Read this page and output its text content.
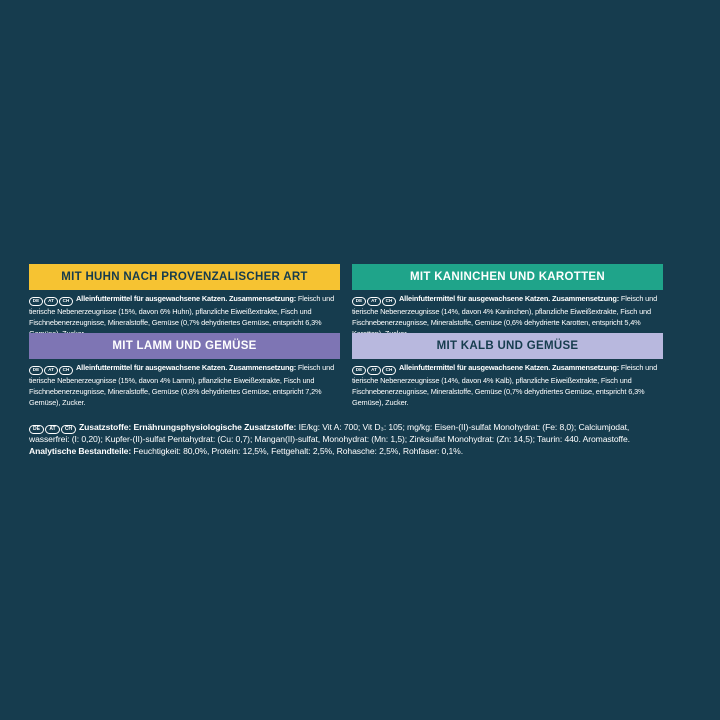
MIT HUHN NACH PROVENZALISCHER ART
DE	AT	CH Alleinfuttermittel für ausgewachsene Katzen. Zusammensetzung: Fleisch und tierische Nebenerzeugnisse (15%, davon 6% Huhn), pflanzliche Eiweißextrakte, Fisch und Fischnebenerzeugnisse, Mineralstoffe, Gemüse (0,7% dehydriertes Gemüse, entspricht 6,3%
MIT KANINCHEN UND KAROTTEN
DE	AT	CH Alleinfuttermittel für ausgewachsene Katzen. Zusammensetzung: Fleisch und tierische Nebenerzeugnisse (14%, davon 4% Kaninchen), pflanzliche Eiweißextrakte, Fisch und Fischnebenerzeugnisse, Mineralstoffe, Gemüse (0,6% dehydrierte Karotten, entspricht 5,4%
MIT LAMM UND GEMÜSE
DE	AT	CH Alleinfuttermittel für ausgewachsene Katzen. Zusammensetzung: Fleisch und tierische Nebenerzeugnisse (15%, davon 4% Lamm), pflanzliche Eiweißextrakte, Fisch und Fischnebenerzeugnisse, Mineralstoffe, Gemüse (0,8% dehydriertes Gemüse, entspricht 7,2% Gemüse), Zucker.
MIT KALB UND GEMÜSE
DE	AT	CH Alleinfuttermittel für ausgewachsene Katzen. Zusammensetzung: Fleisch und tierische Nebenerzeugnisse (14%, davon 4% Kalb), pflanzliche Eiweißextrakte, Fisch und Fischnebenerzeugnisse, Mineralstoffe, Gemüse (0,7% dehydriertes Gemüse, entspricht 6,3% Gemüse), Zucker.
DE	AT	CH Zusatzstoffe: Ernährungsphysiologische Zusatzstoffe: IE/kg: Vit A: 700; Vit D₃: 105; mg/kg: Eisen-(II)-sulfat Monohydrat: (Fe: 8,0); Calciumjodat, wasserfrei: (I: 0,20); Kupfer-(II)-sulfat Pentahydrat: (Cu: 0,7); Mangan(II)-sulfat, Monohydrat: (Mn: 1,5); Zinksulfat Monohydrat: (Zn: 14,5); Taurin: 440. Aromastoffe.
Analytische Bestandteile: Feuchtigkeit: 80,0%, Protein: 12,5%, Fettgehalt: 2,5%, Rohasche: 2,5%, Rohfaser: 0,1%.
